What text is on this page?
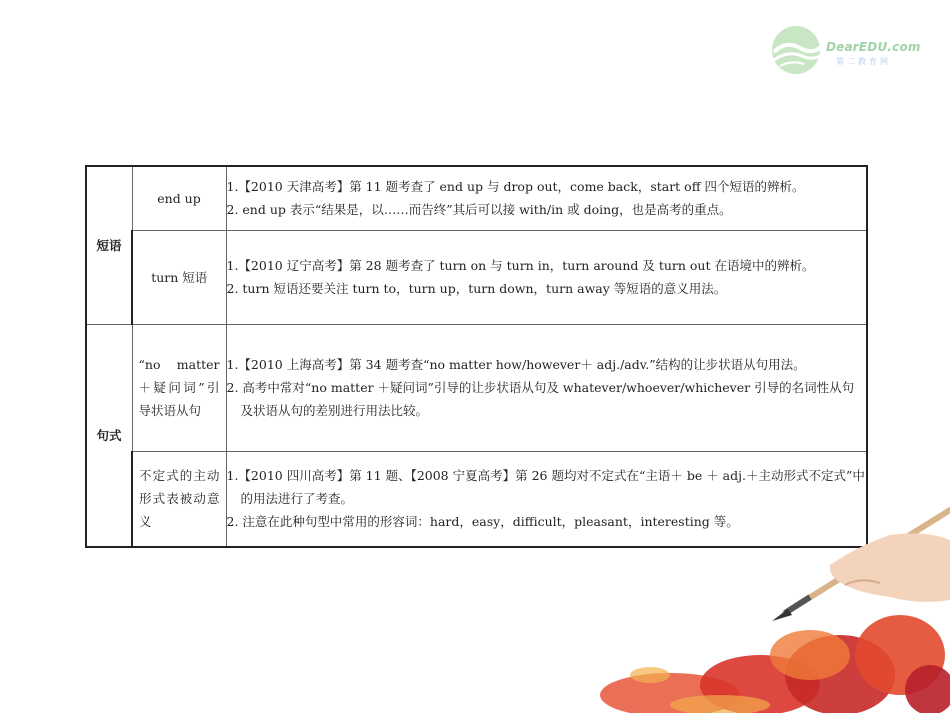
DearEDU.com
第二教育网
短语	end up	1.【2010 天津高考】第 11 题考查了 end up 与 drop out，come back，start off 四个短语的辨析。
2. end up 表示“结果是，以……而告终”其后可以接 with/in 或 doing，也是高考的重点。

	turn 短语	1.【2010 辽宁高考】第 28 题考查了 turn on 与 turn in，turn around 及 turn out 在语境中的辨析。
2. turn 短语还要关注 turn to，turn up，turn down，turn away 等短语的意义用法。

句式	“no matter ＋疑问词”引导状语从句	1.【2010 上海高考】第 34 题考查“no matter how/however＋ adj./adv.”结构的让步状语从句用法。
2. 高考中常对“no matter ＋疑问词”引导的让步状语从句及 whatever/whoever/whichever 引导的名词性从句及状语从句的差别进行用法比较。

	不定式的主动形式表被动意义	1.【2010 四川高考】第 11 题、【2008 宁夏高考】第 26 题均对不定式在“主语＋ be ＋ adj.＋主动形式不定式”中的用法进行了考查。
2. 注意在此种句型中常用的形容词：hard，easy，difficult，pleasant，interesting 等。
